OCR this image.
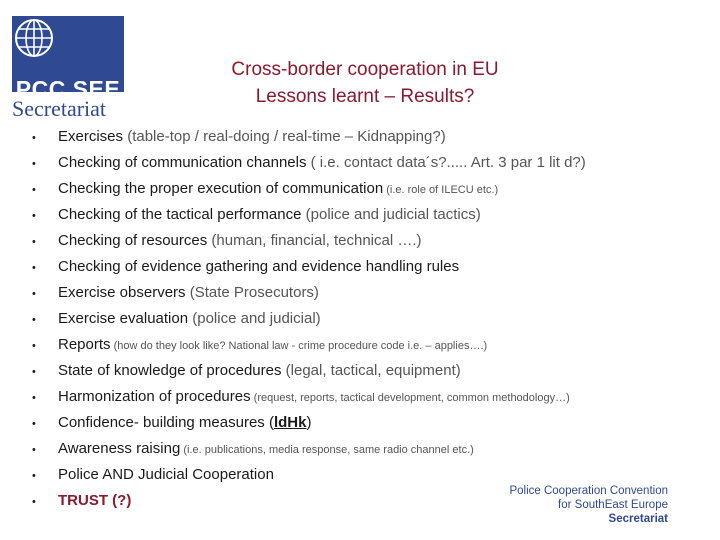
PCC SEE
Secretariat
Cross-border cooperation in EU
Lessons learnt – Results?
• Exercises (table-top / real-doing / real-time – Kidnapping?)
• Checking of communication channels ( i.e. contact data´s?..... Art. 3 par 1 lit d?)
• Checking the proper execution of communication (i.e. role of ILECU etc.)
• Checking of the tactical performance (police and judicial tactics)
• Checking of resources (human, financial, technical ….)
• Checking of evidence gathering and evidence handling rules
• Exercise observers (State Prosecutors)
• Exercise evaluation (police and judicial)
• Reports (how do they look like? National law - crime procedure code i.e. – applies….)
• State of knowledge of procedures (legal, tactical, equipment)
• Harmonization of procedures (request, reports, tactical development, common methodology…)
• Confidence- building measures (ldHk)
• Awareness raising (i.e. publications, media response, same radio channel etc.)
• Police AND Judicial Cooperation
• TRUST (?)
Police Cooperation Convention
for SouthEast Europe
Secretariat
